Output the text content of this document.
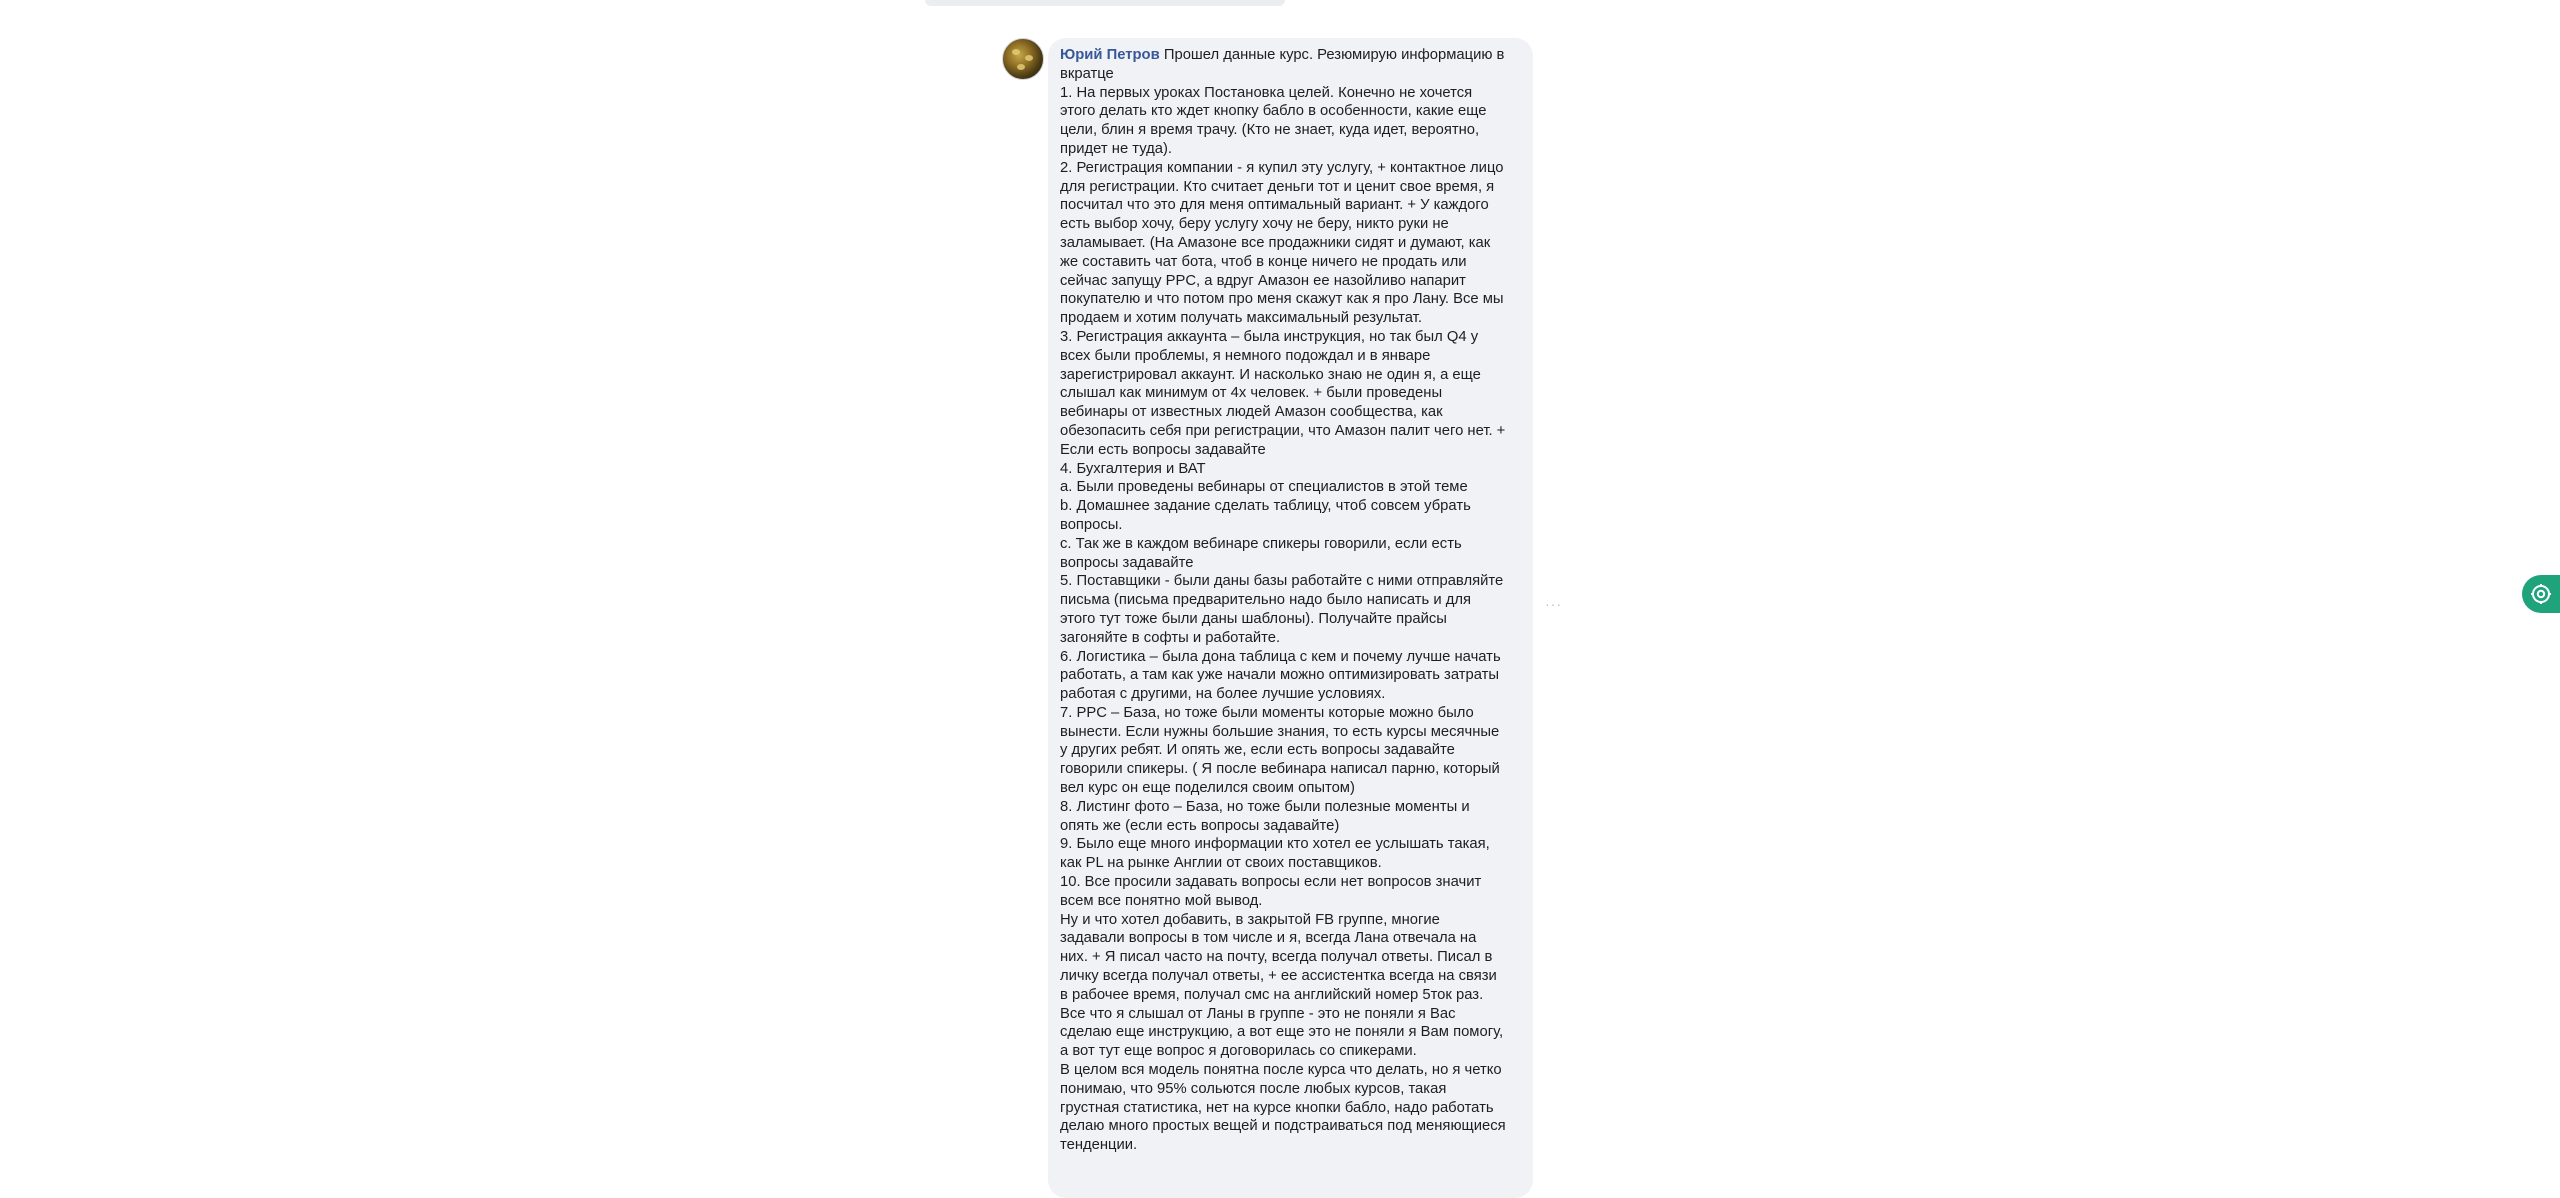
Юрий Петров Прошел данные курс. Резюмирую информацию в
вкратце
1. На первых уроках Постановка целей. Конечно не хочется
этого делать кто ждет кнопку бабло в особенности, какие еще
цели, блин я время трачу. (Кто не знает, куда идет, вероятно,
придет не туда).
2. Регистрация компании - я купил эту услугу, + контактное лицо
для регистрации. Кто считает деньги тот и ценит свое время, я
посчитал что это для меня оптимальный вариант. + У каждого
есть выбор хочу, беру услугу хочу не беру, никто руки не
заламывает. (На Амазоне все продажники сидят и думают, как
же составить чат бота, чтоб в конце ничего не продать или
сейчас запущу PPC, а вдруг Амазон ее назойливо напарит
покупателю и что потом про меня скажут как я про Лану. Все мы
продаем и хотим получать максимальный результат.
3. Регистрация аккаунта – была инструкция, но так был Q4 у
всех были проблемы, я немного подождал и в январе
зарегистрировал аккаунт. И насколько знаю не один я, а еще
слышал как минимум от 4х человек. + были проведены
вебинары от известных людей Амазон сообщества, как
обезопасить себя при регистрации, что Амазон палит чего нет. +
Если есть вопросы задавайте
4. Бухгалтерия и ВАТ
a. Были проведены вебинары от специалистов в этой теме
b. Домашнее задание сделать таблицу, чтоб совсем убрать
вопросы.
c. Так же в каждом вебинаре спикеры говорили, если есть
вопросы задавайте
5. Поставщики - были даны базы работайте с ними отправляйте
письма (письма предварительно надо было написать и для
этого тут тоже были даны шаблоны). Получайте прайсы
загоняйте в софты и работайте.
6. Логистика – была дона таблица с кем и почему лучше начать
работать, а там как уже начали можно оптимизировать затраты
работая с другими, на более лучшие условиях.
7. PPC – База, но тоже были моменты которые можно было
вынести. Если нужны большие знания, то есть курсы месячные
у других ребят. И опять же, если есть вопросы задавайте
говорили спикеры. ( Я после вебинара написал парню, который
вел курс он еще поделился своим опытом)
8. Листинг фото – База, но тоже были полезные моменты и
опять же (если есть вопросы задавайте)
9. Было еще много информации кто хотел ее услышать такая,
как PL на рынке Англии от своих поставщиков.
10. Все просили задавать вопросы если нет вопросов значит
всем все понятно мой вывод.
Ну и что хотел добавить, в закрытой FB группе, многие
задавали вопросы в том числе и я, всегда Лана отвечала на
них. + Я писал часто на почту, всегда получал ответы. Писал в
личку всегда получал ответы, + ее ассистентка всегда на связи
в рабочее время, получал смс на английский номер 5ток раз.
Все что я слышал от Ланы в группе - это не поняли я Вас
сделаю еще инструкцию, а вот еще это не поняли я Вам помогу,
а вот тут еще вопрос я договорилась со спикерами.
В целом вся модель понятна после курса что делать, но я четко
понимаю, что 95% сольются после любых курсов, такая
грустная статистика, нет на курсе кнопки бабло, надо работать
делаю много простых вещей и подстраиваться под меняющиеся
тенденции.
···
